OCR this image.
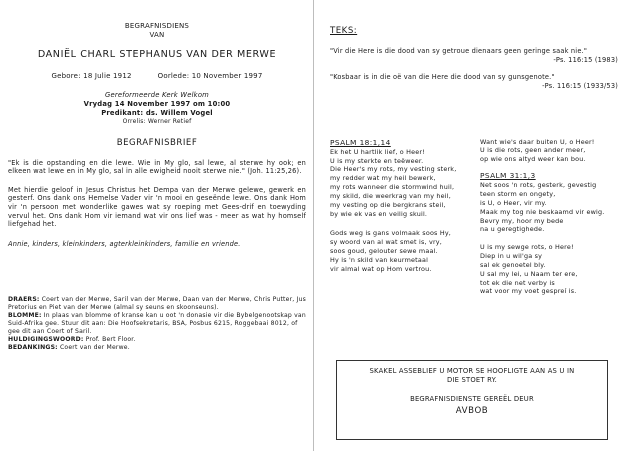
BEGRAFNISDIENS
VAN
DANIËL CHARL STEPHANUS VAN DER MERWE
Gebore: 18 Julie 1912	Oorlede: 10 November 1997
Gereformeerde Kerk Welkom
Vrydag 14 November 1997 om 10:00
Predikant: ds. Willem Vogel
Orrelis: Werner Retief
BEGRAFNISBRIEF
"Ek is die opstanding en die lewe. Wie in My glo, sal lewe, al sterwe hy ook; en elkeen wat lewe en in My glo, sal in alle ewigheid nooit sterwe nie." (Joh. 11:25,26).
Met hierdie geloof in Jesus Christus het Dempa van der Merwe gelewe, gewerk en gesterf. Ons dank ons Hemelse Vader vir 'n mooi en geseënde lewe. Ons dank Hom vir 'n persoon met wonderlike gawes wat sy roeping met Gees-drif en toewyding vervul het. Ons dank Hom vir iemand wat vir ons lief was - meer as wat hy homself liefgehad het.
Annie, kinders, kleinkinders, agterkleinkinders, familie en vriende.
DRAERS: Coert van der Merwe, Saril van der Merwe, Daan van der Merwe, Chris Putter, Jus Pretorius en Piet van der Merwe (almal sy seuns en skoonseuns).
BLOMME: In plaas van blomme of kranse kan u oot 'n donasie vir die Bybelgenootskap van Suid-Afrika gee. Stuur dit aan: Die Hoofsekretaris, BSA, Posbus 6215, Roggebaai 8012, of gee dit aan Coert of Saril.
HULDIGINGSWOORD: Prof. Bert Floor.
BEDANKINGS: Coert van der Merwe.
TEKS:
"Vir die Here is die dood van sy getroue dienaars geen geringe saak nie."
-Ps. 116:15 (1983)
"Kosbaar is in die oë van die Here die dood van sy gunsgenote."
-Ps. 116:15 (1933/53)
PSALM 18:1,14
Ek het U hartlik lief, o Heer!
U is my sterkte en teëweer.
Die Heer's my rots, my vesting sterk,
my redder wat my heil bewerk,
my rots wanneer die stormwind huil,
my skild, die weerkrag van my heil,
my vesting op die bergkrans steil,
by wie ek vas en veilig skuil.
Gods weg is gans volmaak soos Hy,
sy woord van al wat smet is, vry,
soos goud, gelouter sewe maal.
Hy is 'n skild van keurmetaal
vir almal wat op Hom vertrou.
Want wie's daar buiten U, o Heer!
U is die rots, geen ander meer,
op wie ons altyd weer kan bou.
PSALM 31:1,3
Net soos 'n rots, gesterk, gevestig
teen storm en ongety,
is U, o Heer, vir my.
Maak my tog nie beskaamd vir ewig.
Bevry my, hoor my bede
na u geregtighede.
U is my sewge rots, o Here!
Diep in u wil'ga sy
sal ek genoetel bly.
U sal my lei, u Naam ter ere,
tot ek die net verby is
wat voor my voet gespreí is.
SKAKEL ASSEBLIEF U MOTOR SE HOOFLIGTE AAN AS U IN
DIE STOET RY.
BEGRAFNISDIENSTE GEREËL DEUR
AVBOB
